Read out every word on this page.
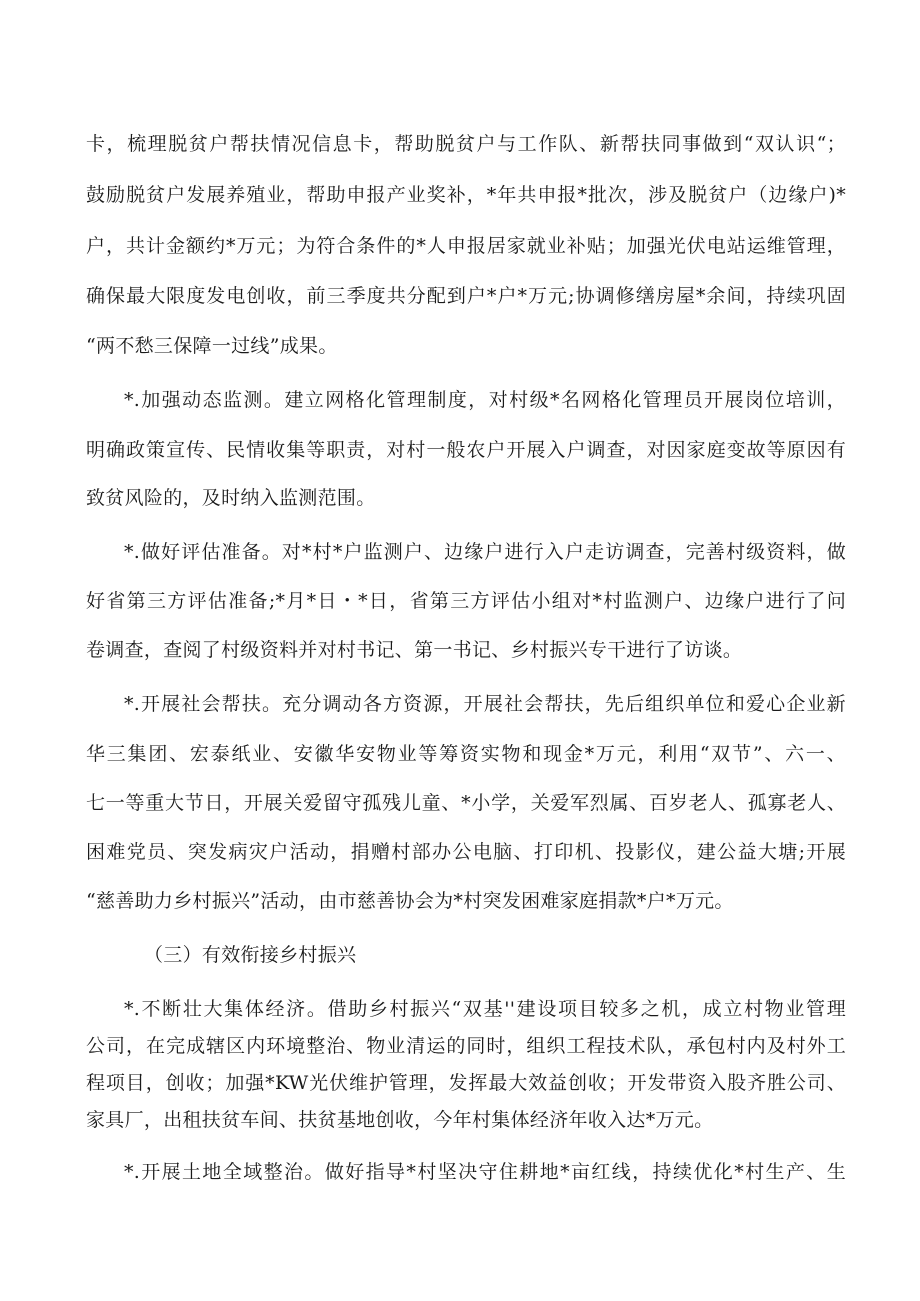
卡，梳理脱贫户帮扶情况信息卡，帮助脱贫户与工作队、新帮扶同事做到“双认识“；
鼓励脱贫户发展养殖业，帮助申报产业奖补，*年共申报*批次，涉及脱贫户（边缘户)*
户，共计金额约*万元；为符合条件的*人申报居家就业补贴；加强光伏电站运维管理，
确保最大限度发电创收，前三季度共分配到户*户*万元;协调修缮房屋*余间，持续巩固
“两不愁三保障一过线”成果。
*.加强动态监测。建立网格化管理制度，对村级*名网格化管理员开展岗位培训，
明确政策宣传、民情收集等职责，对村一般农户开展入户调查，对因家庭变故等原因有
致贫风险的，及时纳入监测范围。
*.做好评估准备。对*村*户监测户、边缘户进行入户走访调查，完善村级资料，做
好省第三方评估准备;*月*日・*日，省第三方评估小组对*村监测户、边缘户进行了问
卷调查，查阅了村级资料并对村书记、第一书记、乡村振兴专干进行了访谈。
*.开展社会帮扶。充分调动各方资源，开展社会帮扶，先后组织单位和爱心企业新
华三集团、宏泰纸业、安徽华安物业等筹资实物和现金*万元，利用“双节”、六一、
七一等重大节日，开展关爱留守孤残儿童、*小学，关爱军烈属、百岁老人、孤寡老人、
困难党员、突发病灾户活动，捐赠村部办公电脑、打印机、投影仪，建公益大塘;开展
“慈善助力乡村振兴”活动，由市慈善协会为*村突发困难家庭捐款*户*万元。
（三）有效衔接乡村振兴
*.不断壮大集体经济。借助乡村振兴“双基''建设项目较多之机，成立村物业管理
公司，在完成辖区内环境整治、物业清运的同时，组织工程技术队，承包村内及村外工
程项目，创收；加强*KW光伏维护管理，发挥最大效益创收；开发带资入股齐胜公司、
家具厂，出租扶贫车间、扶贫基地创收，今年村集体经济年收入达*万元。
*.开展土地全域整治。做好指导*村坚决守住耕地*亩红线，持续优化*村生产、生
